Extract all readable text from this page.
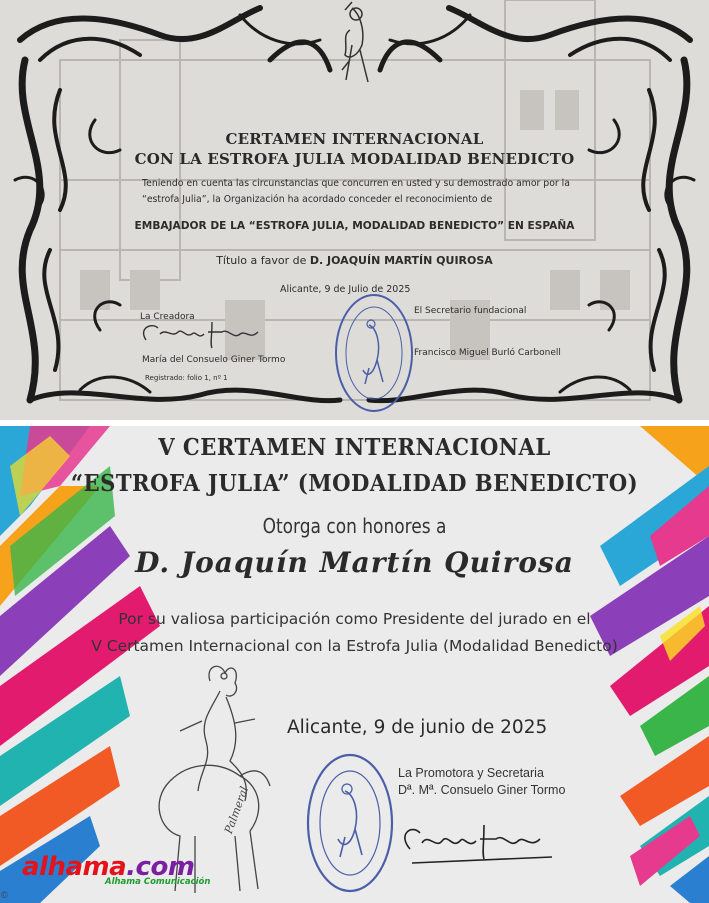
CERTAMEN INTERNACIONAL
CON LA ESTROFA JULIA MODALIDAD BENEDICTO
Teniendo en cuenta las circunstancias que concurren en usted y su demostrado amor por la
“estrofa Julia”, la Organización ha acordado conceder el reconocimiento de
EMBAJADOR DE LA “ESTROFA JULIA, MODALIDAD BENEDICTO” EN ESPAÑA
Título a favor de D. JOAQUÍN MARTÍN QUIROSA
Alicante, 9 de Julio de 2025
La Creadora
El Secretario fundacional
María del Consuelo Giner Tormo
Francisco Miguel Burló Carbonell
Registrado: folio 1, nº 1
V CERTAMEN INTERNACIONAL
“ESTROFA JULIA” (MODALIDAD BENEDICTO)
Otorga con honores a
D. Joaquín Martín Quirosa
Por su valiosa participación como Presidente del jurado en el
V Certamen Internacional con la Estrofa Julia (Modalidad Benedicto)
Alicante, 9 de junio de 2025
La Promotora y Secretaria
Dª. Mª. Consuelo Giner Tormo
Palmeral
alhama.com
Alhama Comunicación
©
